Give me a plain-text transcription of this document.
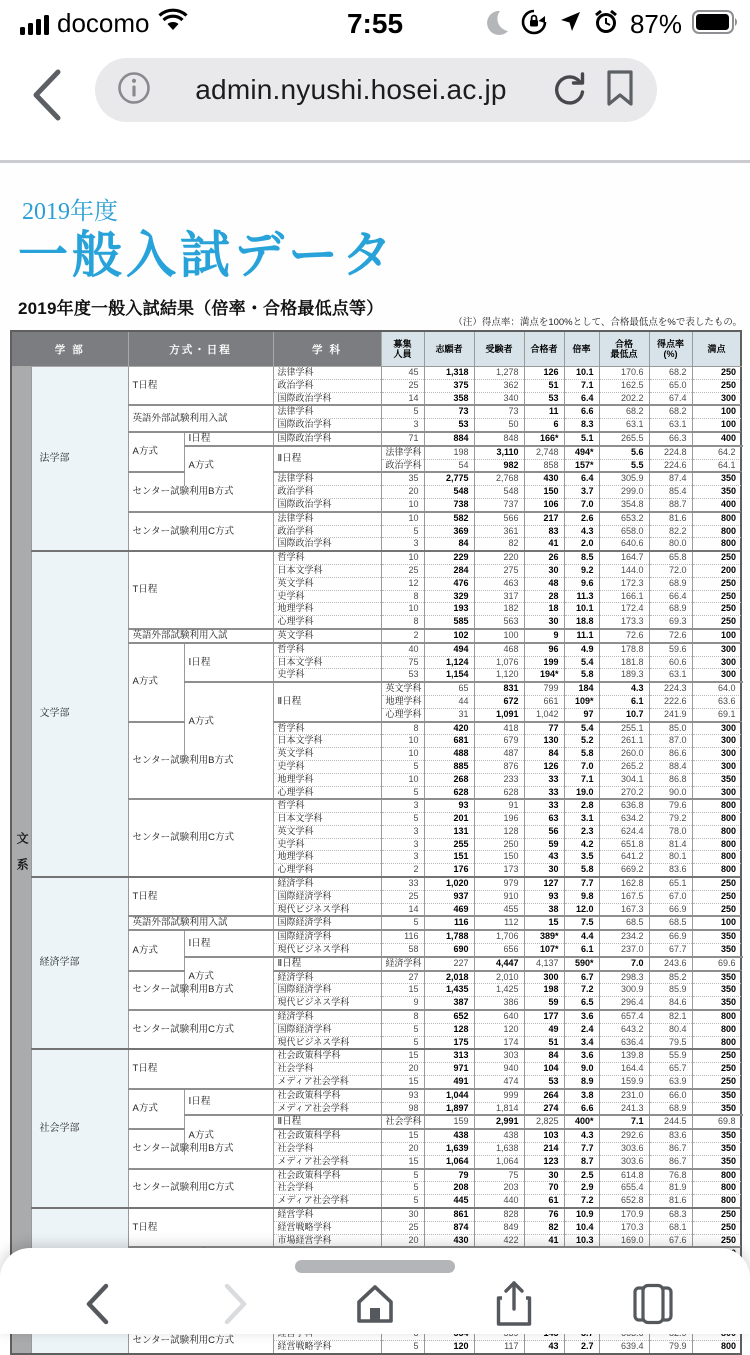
docomo	7:55	87%
admin.nyushi.hosei.ac.jp
2019年度
一般入試データ
2019年度一般入試結果（倍率・合格最低点等）
（注）得点率：満点を100%として、合格最低点を%で表したもの。
学 部		方式・日程		学 科	募集
人員	志願者	受験者	合格者	倍率	合格
最低点	得点率
(%)	満点	
文系	法学部	T日程		法律学科	45	1,318	1,278	126	10.1	170.6	68.2	250	
				政治学科	25	375	362	51	7.1	162.5	65.0	250	
				国際政治学科	14	358	340	53	6.4	202.2	67.4	300	
		英語外部試験利用入試		法律学科	5	73	73	11	6.6	68.2	68.2	100	
				国際政治学科	3	53	50	6	8.3	63.1	63.1	100	
		A方式	Ⅰ日程	国際政治学科	71	884	848	166*	5.1	265.5	66.3	400	
			A方式	Ⅱ日程	法律学科	198	3,110	2,748	494*	5.6	224.8	64.2	
					政治学科	54	982	858	157*	5.5	224.6	64.1	
		センター試験利用B方式		法律学科	35	2,775	2,768	430	6.4	305.9	87.4	350	
				政治学科	20	548	548	150	3.7	299.0	85.4	350	
				国際政治学科	10	738	737	106	7.0	354.8	88.7	400	
		センター試験利用C方式		法律学科	10	582	566	217	2.6	653.2	81.6	800	
				政治学科	5	369	361	83	4.3	658.0	82.2	800	
				国際政治学科	3	84	82	41	2.0	640.6	80.0	800	
	文学部	T日程		哲学科	10	229	220	26	8.5	164.7	65.8	250	
				日本文学科	25	284	275	30	9.2	144.0	72.0	200	
				英文学科	12	476	463	48	9.6	172.3	68.9	250	
				史学科	8	329	317	28	11.3	166.1	66.4	250	
				地理学科	10	193	182	18	10.1	172.4	68.9	250	
				心理学科	8	585	563	30	18.8	173.3	69.3	250	
		英語外部試験利用入試		英文学科	2	102	100	9	11.1	72.6	72.6	100	
		A方式	Ⅰ日程	哲学科	40	494	468	96	4.9	178.8	59.6	300	
				日本文学科	75	1,124	1,076	199	5.4	181.8	60.6	300	
				史学科	53	1,154	1,120	194*	5.8	189.3	63.1	300	
			A方式	Ⅱ日程	英文学科	65	831	799	184	4.3	224.3	64.0	
					地理学科	44	672	661	109*	6.1	222.6	63.6	
					心理学科	31	1,091	1,042	97	10.7	241.9	69.1	
		センター試験利用B方式		哲学科	8	420	418	77	5.4	255.1	85.0	300	
				日本文学科	10	681	679	130	5.2	261.1	87.0	300	
				英文学科	10	488	487	84	5.8	260.0	86.6	300	
				史学科	5	885	876	126	7.0	265.2	88.4	300	
				地理学科	10	268	233	33	7.1	304.1	86.8	350	
				心理学科	5	628	628	33	19.0	270.2	90.0	300	
		センター試験利用C方式		哲学科	3	93	91	33	2.8	636.8	79.6	800	
				日本文学科	5	201	196	63	3.1	634.2	79.2	800	
				英文学科	3	131	128	56	2.3	624.4	78.0	800	
				史学科	3	255	250	59	4.2	651.8	81.4	800	
				地理学科	3	151	150	43	3.5	641.2	80.1	800	
				心理学科	2	176	173	30	5.8	669.2	83.6	800	
	経済学部	T日程		経済学科	33	1,020	979	127	7.7	162.8	65.1	250	
				国際経済学科	25	937	910	93	9.8	167.5	67.0	250	
				現代ビジネス学科	14	469	455	38	12.0	167.3	66.9	250	
		英語外部試験利用入試		国際経済学科	5	116	112	15	7.5	68.5	68.5	100	
		A方式	Ⅰ日程	国際経済学科	116	1,788	1,706	389*	4.4	234.2	66.9	350	
				現代ビジネス学科	58	690	656	107*	6.1	237.0	67.7	350	
			A方式	Ⅱ日程	経済学科	227	4,447	4,137	590*	7.0	243.6	69.6	
		センター試験利用B方式		経済学科	27	2,018	2,010	300	6.7	298.3	85.2	350	
				国際経済学科	15	1,435	1,425	198	7.2	300.9	85.9	350	
				現代ビジネス学科	9	387	386	59	6.5	296.4	84.6	350	
		センター試験利用C方式		経済学科	8	652	640	177	3.6	657.4	82.1	800	
				国際経済学科	5	128	120	49	2.4	643.2	80.4	800	
				現代ビジネス学科	5	175	174	51	3.4	636.4	79.5	800	
	社会学部	T日程		社会政策科学科	15	313	303	84	3.6	139.8	55.9	250	
				社会学科	20	971	940	104	9.0	164.4	65.7	250	
				メディア社会学科	15	491	474	53	8.9	159.9	63.9	250	
		A方式	Ⅰ日程	社会政策科学科	93	1,044	999	264	3.8	231.0	66.0	350	
				メディア社会学科	98	1,897	1,814	274	6.6	241.3	68.9	350	
			A方式	Ⅱ日程	社会学科	159	2,991	2,825	400*	7.1	244.5	69.8	
		センター試験利用B方式		社会政策科学科	15	438	438	103	4.3	292.6	83.6	350	
				社会学科	20	1,639	1,638	214	7.7	303.6	86.7	350	
				メディア社会学科	15	1,064	1,064	123	8.7	303.6	86.7	350	
		センター試験利用C方式		社会政策科学科	5	79	75	30	2.5	614.8	76.8	800	
				社会学科	5	208	203	70	2.9	655.4	81.9	800	
				メディア社会学科	5	445	440	61	7.2	652.8	81.6	800	
	T日程		経営学科	30	861	828	76	10.9	170.9	68.3	250	
				経営戦略学科	25	874	849	82	10.4	170.3	68.1	250	
				市場経営学科	20	430	422	41	10.3	169.0	67.6	250	

		センター試験利用C方式									
				経営戦略学科	5	120	117	43	2.7	639.4	79.9	800	
